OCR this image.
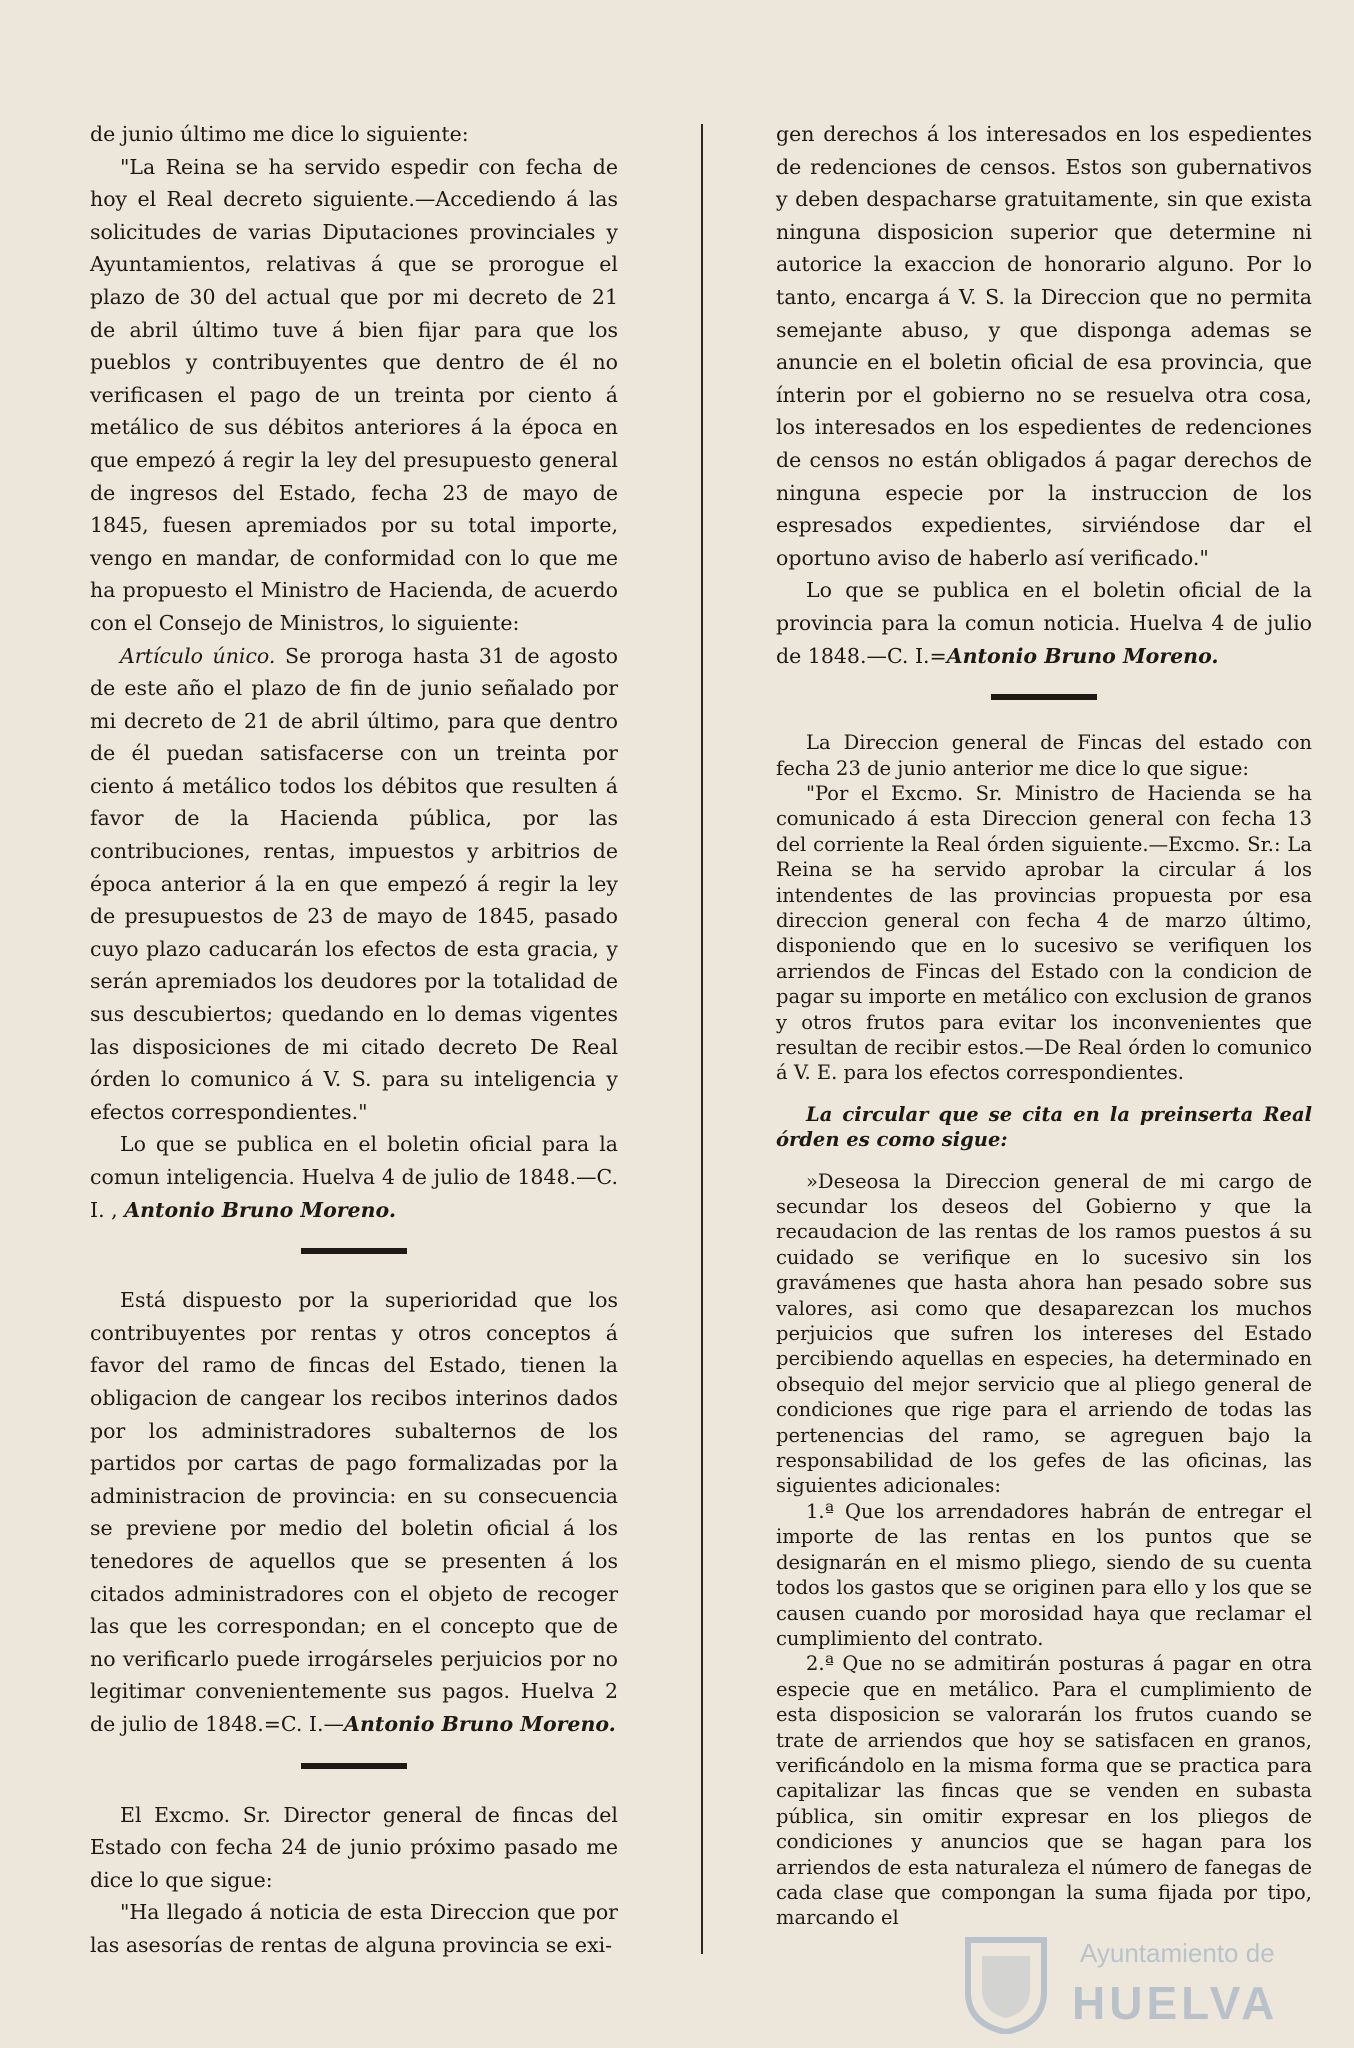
de junio último me dice lo siguiente:

"La Reina se ha servido espedir con fecha de hoy el Real decreto siguiente.—Accediendo á las solicitudes de varias Diputaciones provinciales y Ayuntamientos, relativas á que se prorogue el plazo de 30 del actual que por mi decreto de 21 de abril último tuve á bien fijar para que los pueblos y contribuyentes que dentro de él no verificasen el pago de un treinta por ciento á metálico de sus débitos anteriores á la época en que empezó á regir la ley del presupuesto general de ingresos del Estado, fecha 23 de mayo de 1845, fuesen apremiados por su total importe, vengo en mandar, de conformidad con lo que me ha propuesto el Ministro de Hacienda, de acuerdo con el Consejo de Ministros, lo siguiente:

Artículo único. Se proroga hasta 31 de agosto de este año el plazo de fin de junio señalado por mi decreto de 21 de abril último, para que dentro de él puedan satisfacerse con un treinta por ciento á metálico todos los débitos que resulten á favor de la Hacienda pública, por las contribuciones, rentas, impuestos y arbitrios de época anterior á la en que empezó á regir la ley de presupuestos de 23 de mayo de 1845, pasado cuyo plazo caducarán los efectos de esta gracia, y serán apremiados los deudores por la totalidad de sus descubiertos; quedando en lo demas vigentes las disposiciones de mi citado decreto De Real órden lo comunico á V. S. para su inteligencia y efectos correspondientes."

Lo que se publica en el boletin oficial para la comun inteligencia. Huelva 4 de julio de 1848.—C. I. , Antonio Bruno Moreno.

Está dispuesto por la superioridad que los contribuyentes por rentas y otros conceptos á favor del ramo de fincas del Estado, tienen la obligacion de cangear los recibos interinos dados por los administradores subalternos de los partidos por cartas de pago formalizadas por la administracion de provincia: en su consecuencia se previene por medio del boletin oficial á los tenedores de aquellos que se presenten á los citados administradores con el objeto de recoger las que les correspondan; en el concepto que de no verificarlo puede irrogárseles perjuicios por no legitimar convenientemente sus pagos. Huelva 2 de julio de 1848.=C. I.—Antonio Bruno Moreno.

El Excmo. Sr. Director general de fincas del Estado con fecha 24 de junio próximo pasado me dice lo que sigue:

"Ha llegado á noticia de esta Direccion que por las asesorías de rentas de alguna provincia se exi-

gen derechos á los interesados en los espedientes de redenciones de censos. Estos son gubernativos y deben despacharse gratuitamente, sin que exista ninguna disposicion superior que determine ni autorice la exaccion de honorario alguno. Por lo tanto, encarga á V. S. la Direccion que no permita semejante abuso, y que disponga ademas se anuncie en el boletin oficial de esa provincia, que ínterin por el gobierno no se resuelva otra cosa, los interesados en los espedientes de redenciones de censos no están obligados á pagar derechos de ninguna especie por la instruccion de los espresados expedientes, sirviéndose dar el oportuno aviso de haberlo así verificado."

Lo que se publica en el boletin oficial de la provincia para la comun noticia. Huelva 4 de julio de 1848.—C. I.=Antonio Bruno Moreno.

La Direccion general de Fincas del estado con fecha 23 de junio anterior me dice lo que sigue:

"Por el Excmo. Sr. Ministro de Hacienda se ha comunicado á esta Direccion general con fecha 13 del corriente la Real órden siguiente.—Excmo. Sr.: La Reina se ha servido aprobar la circular á los intendentes de las provincias propuesta por esa direccion general con fecha 4 de marzo último, disponiendo que en lo sucesivo se verifiquen los arriendos de Fincas del Estado con la condicion de pagar su importe en metálico con exclusion de granos y otros frutos para evitar los inconvenientes que resultan de recibir estos.—De Real órden lo comunico á V. E. para los efectos correspondientes.

La circular que se cita en la preinserta Real órden es como sigue:

»Deseosa la Direccion general de mi cargo de secundar los deseos del Gobierno y que la recaudacion de las rentas de los ramos puestos á su cuidado se verifique en lo sucesivo sin los gravámenes que hasta ahora han pesado sobre sus valores, asi como que desaparezcan los muchos perjuicios que sufren los intereses del Estado percibiendo aquellas en especies, ha determinado en obsequio del mejor servicio que al pliego general de condiciones que rige para el arriendo de todas las pertenencias del ramo, se agreguen bajo la responsabilidad de los gefes de las oficinas, las siguientes adicionales:

1.ª Que los arrendadores habrán de entregar el importe de las rentas en los puntos que se designarán en el mismo pliego, siendo de su cuenta todos los gastos que se originen para ello y los que se causen cuando por morosidad haya que reclamar el cumplimiento del contrato.

2.ª Que no se admitirán posturas á pagar en otra especie que en metálico. Para el cumplimiento de esta disposicion se valorarán los frutos cuando se trate de arriendos que hoy se satisfacen en granos, verificándolo en la misma forma que se practica para capitalizar las fincas que se venden en subasta pública, sin omitir expresar en los pliegos de condiciones y anuncios que se hagan para los arriendos de esta naturaleza el número de fanegas de cada clase que compongan la suma fijada por tipo, marcando el

Ayuntamiento de
HUELVA
